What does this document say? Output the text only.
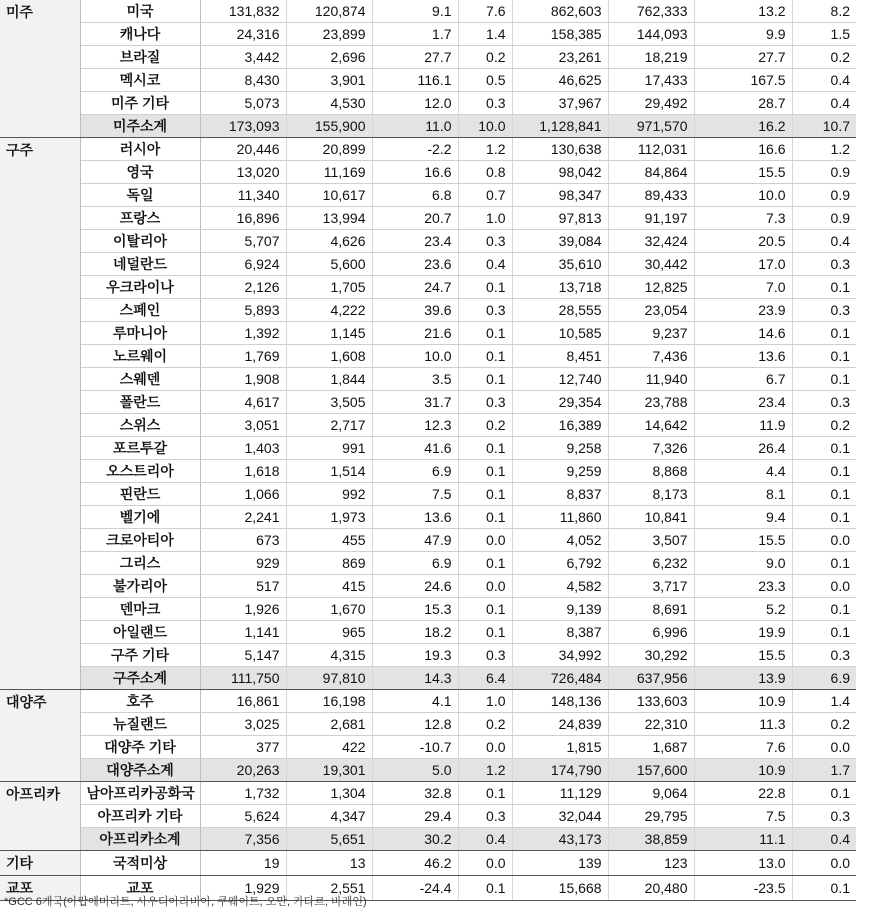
미주	미국	131,832	120,874	9.1	7.6	862,603	762,333	13.2	8.2
	캐나다	24,316	23,899	1.7	1.4	158,385	144,093	9.9	1.5
	브라질	3,442	2,696	27.7	0.2	23,261	18,219	27.7	0.2
	멕시코	8,430	3,901	116.1	0.5	46,625	17,433	167.5	0.4
	미주 기타	5,073	4,530	12.0	0.3	37,967	29,492	28.7	0.4
	미주소계	173,093	155,900	11.0	10.0	1,128,841	971,570	16.2	10.7
구주	러시아	20,446	20,899	-2.2	1.2	130,638	112,031	16.6	1.2
	영국	13,020	11,169	16.6	0.8	98,042	84,864	15.5	0.9
	독일	11,340	10,617	6.8	0.7	98,347	89,433	10.0	0.9
	프랑스	16,896	13,994	20.7	1.0	97,813	91,197	7.3	0.9
	이탈리아	5,707	4,626	23.4	0.3	39,084	32,424	20.5	0.4
	네덜란드	6,924	5,600	23.6	0.4	35,610	30,442	17.0	0.3
	우크라이나	2,126	1,705	24.7	0.1	13,718	12,825	7.0	0.1
	스페인	5,893	4,222	39.6	0.3	28,555	23,054	23.9	0.3
	루마니아	1,392	1,145	21.6	0.1	10,585	9,237	14.6	0.1
	노르웨이	1,769	1,608	10.0	0.1	8,451	7,436	13.6	0.1
	스웨덴	1,908	1,844	3.5	0.1	12,740	11,940	6.7	0.1
	폴란드	4,617	3,505	31.7	0.3	29,354	23,788	23.4	0.3
	스위스	3,051	2,717	12.3	0.2	16,389	14,642	11.9	0.2
	포르투갈	1,403	991	41.6	0.1	9,258	7,326	26.4	0.1
	오스트리아	1,618	1,514	6.9	0.1	9,259	8,868	4.4	0.1
	핀란드	1,066	992	7.5	0.1	8,837	8,173	8.1	0.1
	벨기에	2,241	1,973	13.6	0.1	11,860	10,841	9.4	0.1
	크로아티아	673	455	47.9	0.0	4,052	3,507	15.5	0.0
	그리스	929	869	6.9	0.1	6,792	6,232	9.0	0.1
	불가리아	517	415	24.6	0.0	4,582	3,717	23.3	0.0
	덴마크	1,926	1,670	15.3	0.1	9,139	8,691	5.2	0.1
	아일랜드	1,141	965	18.2	0.1	8,387	6,996	19.9	0.1
	구주 기타	5,147	4,315	19.3	0.3	34,992	30,292	15.5	0.3
	구주소계	111,750	97,810	14.3	6.4	726,484	637,956	13.9	6.9
대양주	호주	16,861	16,198	4.1	1.0	148,136	133,603	10.9	1.4
	뉴질랜드	3,025	2,681	12.8	0.2	24,839	22,310	11.3	0.2
	대양주 기타	377	422	-10.7	0.0	1,815	1,687	7.6	0.0
	대양주소계	20,263	19,301	5.0	1.2	174,790	157,600	10.9	1.7
아프리카	남아프리카공화국	1,732	1,304	32.8	0.1	11,129	9,064	22.8	0.1
	아프리카 기타	5,624	4,347	29.4	0.3	32,044	29,795	7.5	0.3
	아프리카소계	7,356	5,651	30.2	0.4	43,173	38,859	11.1	0.4
기타	국적미상	19	13	46.2	0.0	139	123	13.0	0.0
교포	교포	1,929	2,551	-24.4	0.1	15,668	20,480	-23.5	0.1
*GCC 6개국(아랍에미리트, 사우디아라비아, 쿠웨이트, 오만, 카타르, 바레인)
